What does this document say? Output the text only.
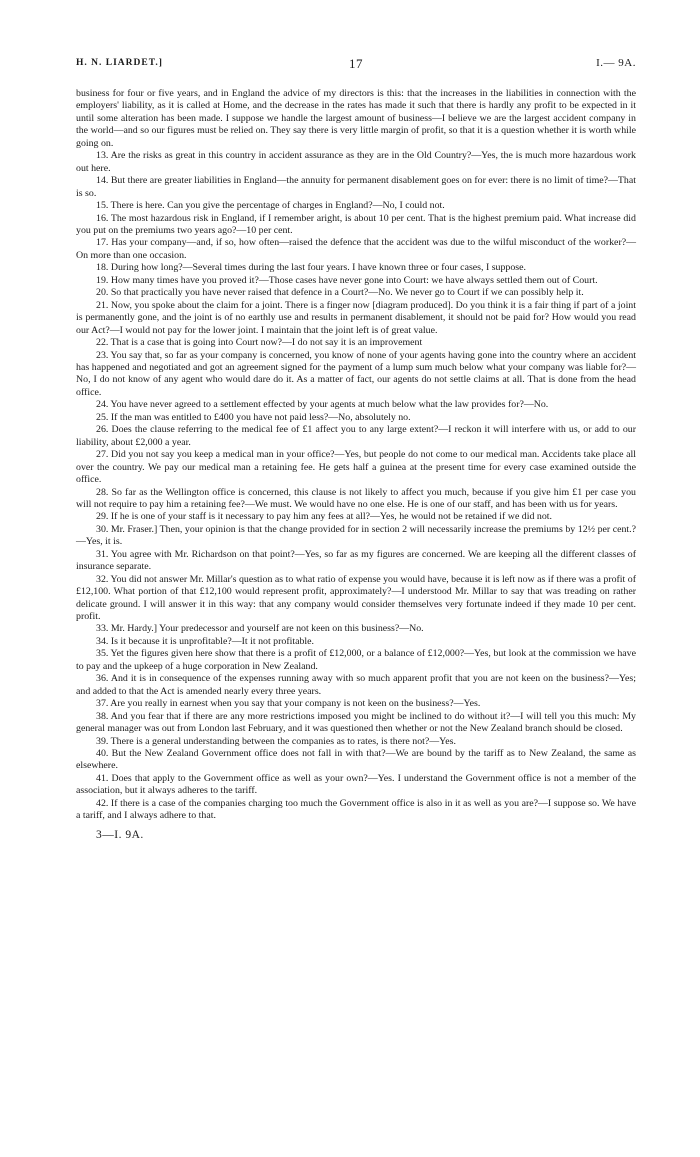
H. N. LIARDET.]	17	I.— 9A.

business for four or five years, and in England the advice of my directors is this: that the increases in the liabilities in connection with the employers' liability, as it is called at Home, and the decrease in the rates has made it such that there is hardly any profit to be expected in it until some alteration has been made. I suppose we handle the largest amount of business—I believe we are the largest accident company in the world—and so our figures must be relied on. They say there is very little margin of profit, so that it is a question whether it is worth while going on.

13. Are the risks as great in this country in accident assurance as they are in the Old Country?—Yes, the is much more hazardous work out here.

14. But there are greater liabilities in England—the annuity for permanent disablement goes on for ever: there is no limit of time?—That is so.

15. There is here. Can you give the percentage of charges in England?—No, I could not.

16. The most hazardous risk in England, if I remember aright, is about 10 per cent. That is the highest premium paid. What increase did you put on the premiums two years ago?—10 per cent.

17. Has your company—and, if so, how often—raised the defence that the accident was due to the wilful misconduct of the worker?—On more than one occasion.

18. During how long?—Several times during the last four years. I have known three or four cases, I suppose.

19. How many times have you proved it?—Those cases have never gone into Court: we have always settled them out of Court.

20. So that practically you have never raised that defence in a Court?—No. We never go to Court if we can possibly help it.

21. Now, you spoke about the claim for a joint. There is a finger now [diagram produced]. Do you think it is a fair thing if part of a joint is permanently gone, and the joint is of no earthly use and results in permanent disablement, it should not be paid for? How would you read our Act?—I would not pay for the lower joint. I maintain that the joint left is of great value.

22. That is a case that is going into Court now?—I do not say it is an improvement

23. You say that, so far as your company is concerned, you know of none of your agents having gone into the country where an accident has happened and negotiated and got an agreement signed for the payment of a lump sum much below what your company was liable for?—No, I do not know of any agent who would dare do it. As a matter of fact, our agents do not settle claims at all. That is done from the head office.

24. You have never agreed to a settlement effected by your agents at much below what the law provides for?—No.

25. If the man was entitled to £400 you have not paid less?—No, absolutely no.

26. Does the clause referring to the medical fee of £1 affect you to any large extent?—I reckon it will interfere with us, or add to our liability, about £2,000 a year.

27. Did you not say you keep a medical man in your office?—Yes, but people do not come to our medical man. Accidents take place all over the country. We pay our medical man a retaining fee. He gets half a guinea at the present time for every case examined outside the office.

28. So far as the Wellington office is concerned, this clause is not likely to affect you much, because if you give him £1 per case you will not require to pay him a retaining fee?—We must. We would have no one else. He is one of our staff, and has been with us for years.

29. If he is one of your staff is it necessary to pay him any fees at all?—Yes, he would not be retained if we did not.

30. Mr. Fraser.] Then, your opinion is that the change provided for in section 2 will necessarily increase the premiums by 12½ per cent.?—Yes, it is.

31. You agree with Mr. Richardson on that point?—Yes, so far as my figures are concerned. We are keeping all the different classes of insurance separate.

32. You did not answer Mr. Millar's question as to what ratio of expense you would have, because it is left now as if there was a profit of £12,100. What portion of that £12,100 would represent profit, approximately?—I understood Mr. Millar to say that was treading on rather delicate ground. I will answer it in this way: that any company would consider themselves very fortunate indeed if they made 10 per cent. profit.

33. Mr. Hardy.] Your predecessor and yourself are not keen on this business?—No.

34. Is it because it is unprofitable?—It it not profitable.

35. Yet the figures given here show that there is a profit of £12,000, or a balance of £12,000?—Yes, but look at the commission we have to pay and the upkeep of a huge corporation in New Zealand.

36. And it is in consequence of the expenses running away with so much apparent profit that you are not keen on the business?—Yes; and added to that the Act is amended nearly every three years.

37. Are you really in earnest when you say that your company is not keen on the business?—Yes.

38. And you fear that if there are any more restrictions imposed you might be inclined to do without it?—I will tell you this much: My general manager was out from London last February, and it was questioned then whether or not the New Zealand branch should be closed.

39. There is a general understanding between the companies as to rates, is there not?—Yes.

40. But the New Zealand Government office does not fall in with that?—We are bound by the tariff as to New Zealand, the same as elsewhere.

41. Does that apply to the Government office as well as your own?—Yes. I understand the Government office is not a member of the association, but it always adheres to the tariff.

42. If there is a case of the companies charging too much the Government office is also in it as well as you are?—I suppose so. We have a tariff, and I always adhere to that.

3—I. 9A.
